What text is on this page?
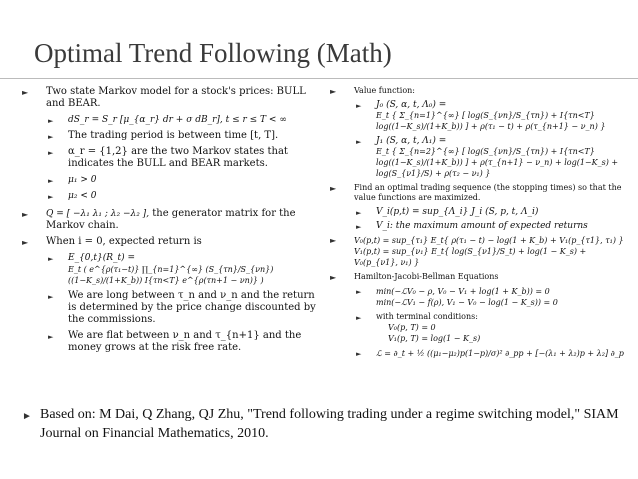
Optimal Trend Following (Math)
► Two state Markov model for a stock's prices: BULL and BEAR.
► dS_r = S_r [μ_{α_r} dr + σ dB_r], t ≤ r ≤ T < ∞
► The trading period is between time [t, T].
► α_r = {1,2} are the two Markov states that indicates the BULL and BEAR markets.
► μ₁ > 0
► μ₂ < 0
► Q = [ −λ₁ λ₁ ; λ₂ −λ₂ ], the generator matrix for the Markov chain.
► When i = 0, expected return is
► E_{0,t}(R_t) =
E_t ( e^{ρ(τ₁−t)} ∏_{n=1}^{∞} (S_{τn}/S_{νn}) ((1−K_s)/(1+K_b)) I{τn<T} e^{ρ(τn+1 − νn)} )
► We are long between τ_n and ν_n and the return is determined by the price change discounted by the commissions.
► We are flat between ν_n and τ_{n+1} and the money grows at the risk free rate.
► Value function:
► J₀ (S, α, t, Λ₀) =
E_t { Σ_{n=1}^{∞} [ log(S_{νn}/S_{τn}) + I{τn<T} log((1−K_s)/(1+K_b)) ] + ρ(τ₁ − t) + ρ(τ_{n+1} − ν_n) }
► J₁ (S, α, t, Λ₁) =
E_t { Σ_{n=2}^{∞} [ log(S_{νn}/S_{τn}) + I{τn<T} log((1−K_s)/(1+K_b)) ] + ρ(τ_{n+1} − ν_n) + log(1−K_s) + log(S_{ν1}/S) + ρ(τ₂ − ν₁) }
► Find an optimal trading sequence (the stopping times) so that the value functions are maximized.
► V_i(p,t) = sup_{Λ_i} J_i (S, p, t, Λ_i)
► V_i: the maximum amount of expected returns
► V₀(p,t) = sup_{τ₁} E_t{ ρ(τ₁ − t) − log(1 + K_b) + V₁(p_{τ1}, τ₁) }
V₁(p,t) = sup_{ν₁} E_t{ log(S_{ν1}/S_t) + log(1 − K_s) + V₀(p_{ν1}, ν₁) }
► Hamilton-Jacobi-Bellman Equations
► min(−ℒV₀ − ρ, V₀ − V₁ + log(1 + K_b)) = 0
min(−ℒV₁ − f(ρ), V₁ − V₀ − log(1 − K_s)) = 0
► with terminal conditions:
V₀(p, T) = 0
V₁(p, T) = log(1 − K_s)
► ℒ = ∂_t + ½ ((μ₁−μ₂)p(1−p)/σ)² ∂_pp + [−(λ₁ + λ₂)p + λ₂] ∂_p
► Based on: M Dai, Q Zhang, QJ Zhu, "Trend following trading under a regime switching model," SIAM Journal on Financial Mathematics, 2010.
